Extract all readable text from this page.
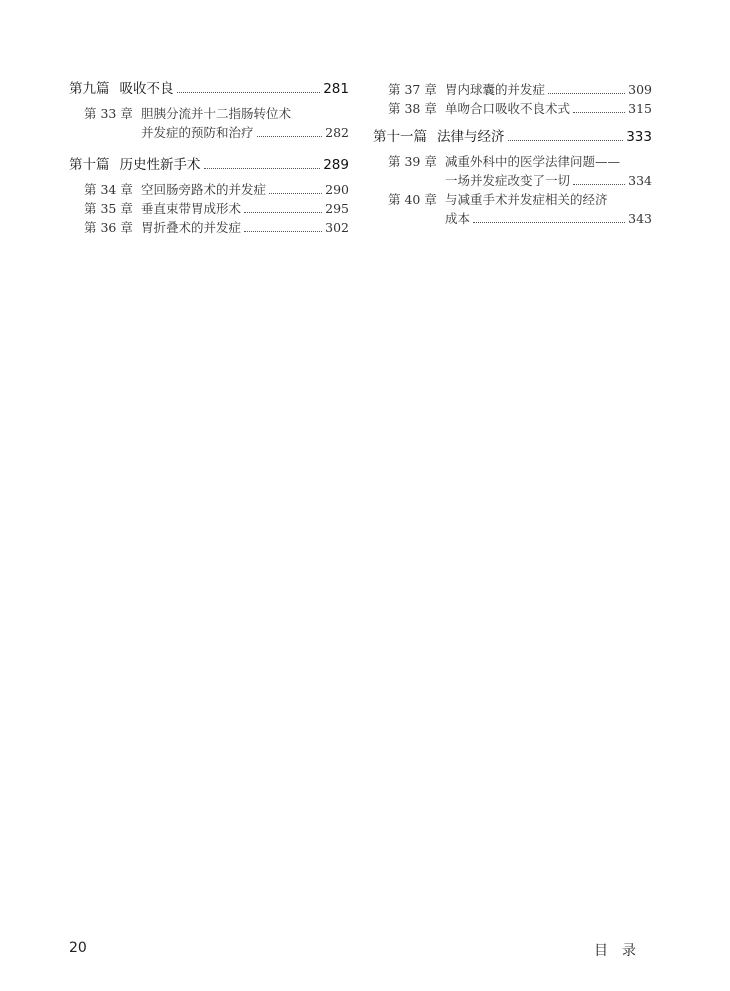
第九篇 吸收不良	281
第 33 章 胆胰分流并十二指肠转位术
并发症的预防和治疗	282
第十篇 历史性新手术	289
第 34 章 空回肠旁路术的并发症	290
第 35 章 垂直束带胃成形术	295
第 36 章 胃折叠术的并发症	302
第 37 章 胃内球囊的并发症	309
第 38 章 单吻合口吸收不良术式	315
第十一篇 法律与经济	333
第 39 章 减重外科中的医学法律问题——
一场并发症改变了一切	334
第 40 章 与减重手术并发症相关的经济
成本	343
20	目录
